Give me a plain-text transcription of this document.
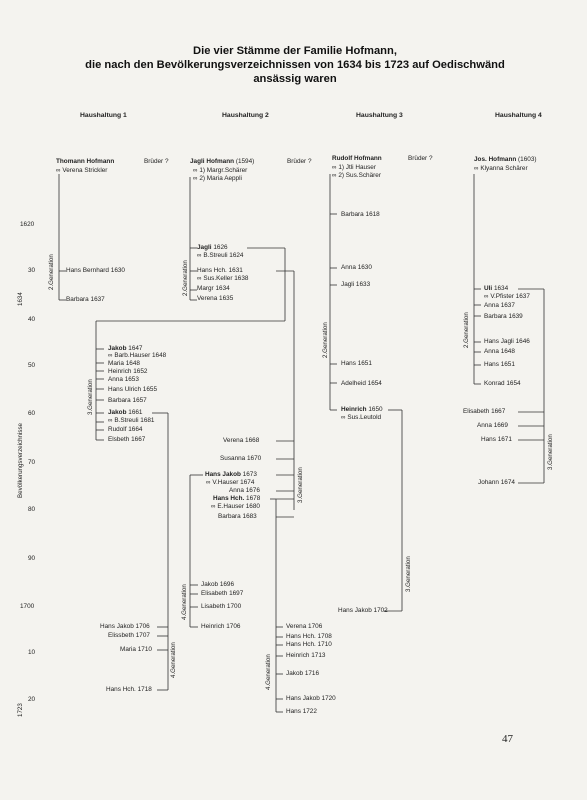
Die vier Stämme der Familie Hofmann,
die nach den Bevölkerungsverzeichnissen von 1634 bis 1723 auf Oedischwänd
ansässig waren
Haushaltung 1	Haushaltung 2	Haushaltung 3	Haushaltung 4
1620
30
40
50
60
70
80
90
1700
10
20
1634
Bevölkerungsverzeichnisse
1723
Thomann Hofmann
∞ Verena Strickler
Brüder ?
2.Generation Hans Bernhard 1630
Barbara 1637
Jagli Hofmann (1594)
∞ 1) Margr.Schärer
∞ 2) Maria Aeppli
Brüder ?
2.Generation
Jagli 1626
∞ B.Streuli 1624
Hans Hch. 1631
∞ Sus.Keller 1638
Margr 1634
Verena 1635
Rudolf Hofmann
∞ 1) Jtli Hauser
∞ 2) Sus.Schärer
Brüder ?
Barbara 1618
Anna 1630
Jagli 1633
2.Generation
Hans 1651
Adelheid 1654
Heinrich 1650
∞ Sus.Leutold
3.Generation
Hans Jakob 1702
Jos. Hofmann (1603)
∞ Klyanna Schärer
Uli 1634
∞ V.Pfister 1637
Anna 1637
Barbara 1639
2.Generation Hans Jagli 1646
Anna 1648
Hans 1651
Konrad 1654
Elisabeth 1667
Anna 1669
Hans 1671
Johann 1674
3.Generation
3.Generation
Jakob 1647
∞ Barb.Hauser 1648
Maria 1648
Heinrich 1652
Anna 1653
Hans Ulrich 1655
Barbara 1657
Jakob 1661
∞ B.Streuli 1681
Rudolf 1664
Elsbeth 1667
3.Generation
Verena 1668
Susanna 1670
Hans Jakob 1673
∞ V.Hauser 1674
Anna 1676
Hans Hch. 1678
∞ E.Hauser 1680
Barbara 1683
4.Generation Jakob 1696
Elisabeth 1697
Lisabeth 1700
Heinrich 1706
4.Generation
Hans Jakob 1706
Elissbeth 1707
Maria 1710
Hans Hch. 1718	4.Generation
Verena 1706
Hans Hch. 1708
Hans Hch. 1710
Heinrich 1713
Jakob 1716
Hans Jakob 1720
Hans 1722
47
